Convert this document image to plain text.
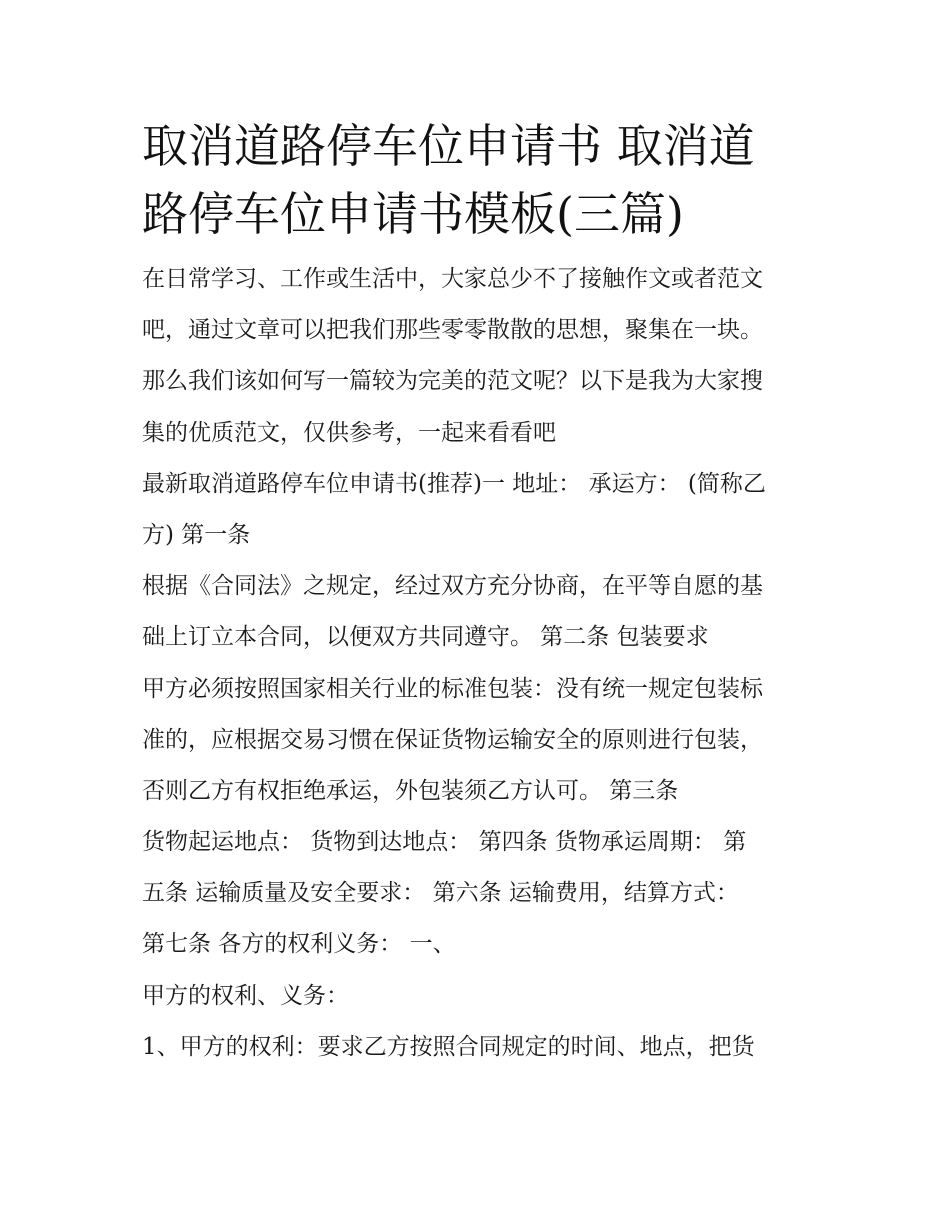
取消道路停车位申请书 取消道
路停车位申请书模板(三篇)
在日常学习、工作或生活中，大家总少不了接触作文或者范文
吧，通过文章可以把我们那些零零散散的思想，聚集在一块。
那么我们该如何写一篇较为完美的范文呢？以下是我为大家搜
集的优质范文，仅供参考，一起来看看吧
最新取消道路停车位申请书(推荐)一 地址： 承运方： (简称乙
方) 第一条
根据《合同法》之规定，经过双方充分协商，在平等自愿的基
础上订立本合同，以便双方共同遵守。 第二条 包装要求
甲方必须按照国家相关行业的标准包装：没有统一规定包装标
准的，应根据交易习惯在保证货物运输安全的原则进行包装，
否则乙方有权拒绝承运，外包装须乙方认可。 第三条
货物起运地点： 货物到达地点： 第四条 货物承运周期： 第
五条 运输质量及安全要求： 第六条 运输费用，结算方式：
第七条 各方的权利义务： 一、
甲方的权利、义务：
1、甲方的权利：要求乙方按照合同规定的时间、地点，把货
